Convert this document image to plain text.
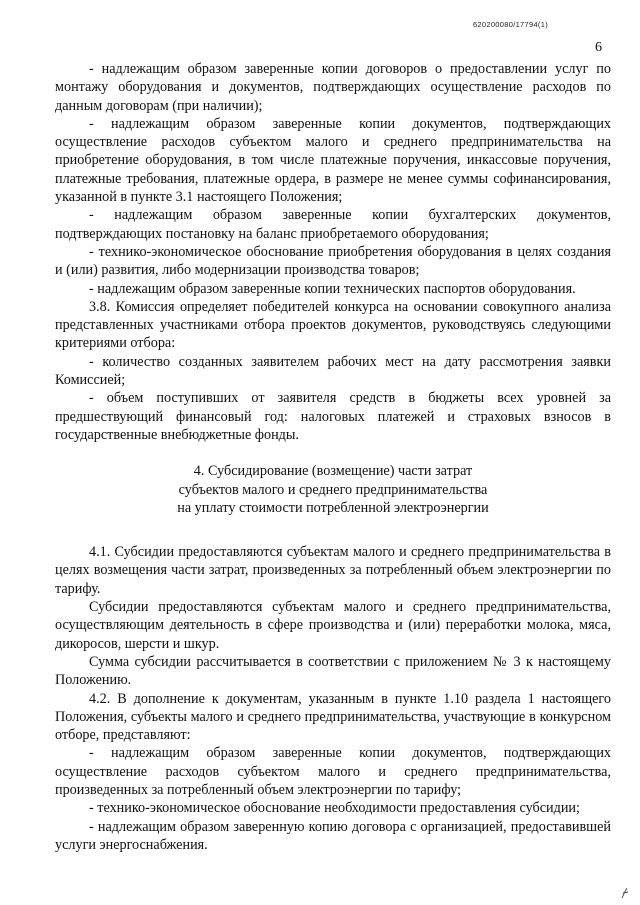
620200080/17794(1)
6

- надлежащим образом заверенные копии договоров о предоставлении услуг по монтажу оборудования и документов, подтверждающих осуществление расходов по данным договорам (при наличии);

- надлежащим образом заверенные копии документов, подтверждающих осуществление расходов субъектом малого и среднего предпринимательства на приобретение оборудования, в том числе платежные поручения, инкассовые поручения, платежные требования, платежные ордера, в размере не менее суммы софинансирования, указанной в пункте 3.1 настоящего Положения;

- надлежащим образом заверенные копии бухгалтерских документов, подтверждающих постановку на баланс приобретаемого оборудования;

- технико-экономическое обоснование приобретения оборудования в целях создания и (или) развития, либо модернизации производства товаров;

- надлежащим образом заверенные копии технических паспортов оборудования.

3.8. Комиссия определяет победителей конкурса на основании совокупного анализа представленных участниками отбора проектов документов, руководствуясь следующими критериями отбора:

- количество созданных заявителем рабочих мест на дату рассмотрения заявки Комиссией;

- объем поступивших от заявителя средств в бюджеты всех уровней за предшествующий финансовый год: налоговых платежей и страховых взносов в государственные внебюджетные фонды.

4. Субсидирование (возмещение) части затрат

субъектов малого и среднего предпринимательства

на уплату стоимости потребленной электроэнергии

4.1. Субсидии предоставляются субъектам малого и среднего предпринимательства в целях возмещения части затрат, произведенных за потребленный объем электроэнергии по тарифу.

Субсидии предоставляются субъектам малого и среднего предпринимательства, осуществляющим деятельность в сфере производства и (или) переработки молока, мяса, дикоросов, шерсти и шкур.

Сумма субсидии рассчитывается в соответствии с приложением № 3 к настоящему Положению.

4.2. В дополнение к документам, указанным в пункте 1.10 раздела 1 настоящего Положения, субъекты малого и среднего предпринимательства, участвующие в конкурсном отборе, представляют:

- надлежащим образом заверенные копии документов, подтверждающих осуществление расходов субъектом малого и среднего предпринимательства, произведенных за потребленный объем электроэнергии по тарифу;

- технико-экономическое обоснование необходимости предоставления субсидии;

- надлежащим образом заверенную копию договора с организацией, предоставившей услуги энергоснабжения.
